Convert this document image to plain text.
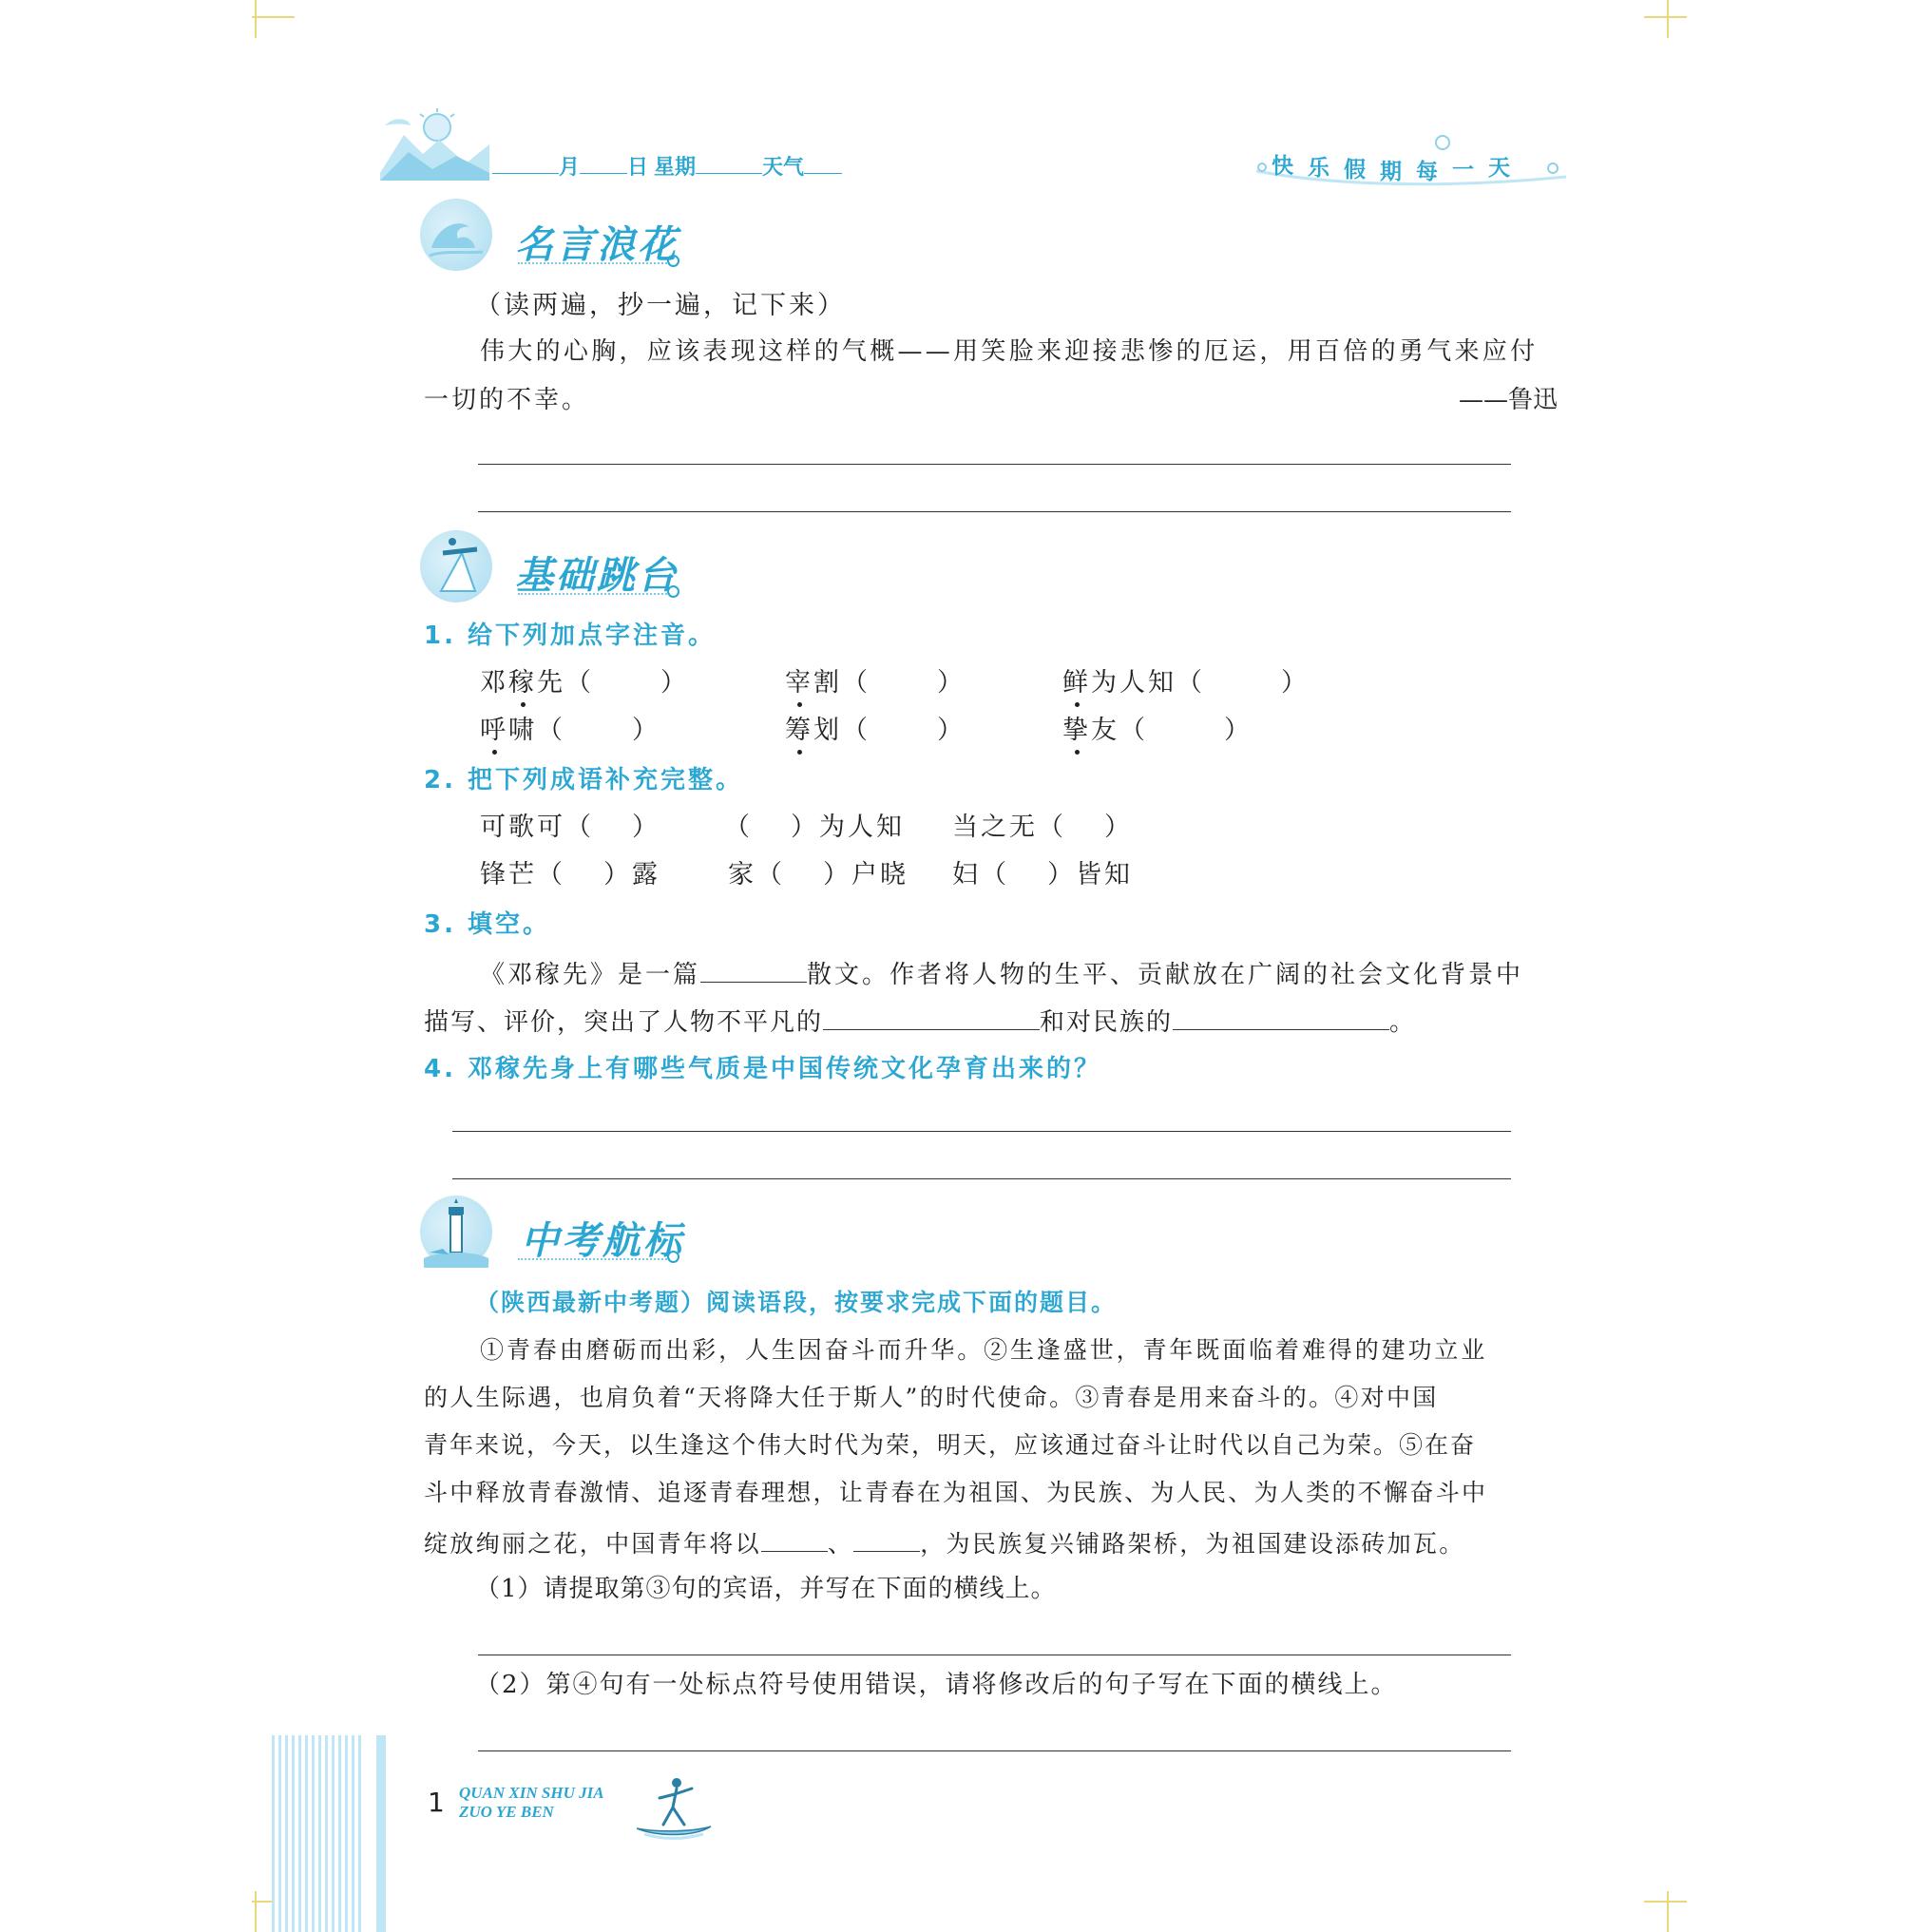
月 日 星期	天气	快 乐 假 期 每 一 天
名言浪花
（读两遍，抄一遍，记下来）
伟大的心胸，应该表现这样的气概——用笑脸来迎接悲惨的厄运，用百倍的勇气来应付
一切的不幸。	——鲁迅
基础跳台
1. 给下列加点字注音。
邓稼先（	）	宰割（	）	鲜为人知（	）
呼啸（	）	筹划（	）	挚友（	）
2. 把下列成语补充完整。
可歌可（ ） （ ）为人知 当之无（ ）
锋芒（ ）露	家（ ）户晓 妇（ ）皆知
3. 填空。
《邓稼先》是一篇	散文。作者将人物的生平、贡献放在广阔的社会文化背景中
描写、评价，突出了人物不平凡的	和对民族的	。
4. 邓稼先身上有哪些气质是中国传统文化孕育出来的？
中考航标
（陕西最新中考题）阅读语段，按要求完成下面的题目。
①青春由磨砺而出彩，人生因奋斗而升华。②生逢盛世，青年既面临着难得的建功立业
的人生际遇，也肩负着“天将降大任于斯人”的时代使命。③青春是用来奋斗的。④对中国
青年来说，今天，以生逢这个伟大时代为荣，明天，应该通过奋斗让时代以自己为荣。⑤在奋
斗中释放青春激情、追逐青春理想，让青春在为祖国、为民族、为人民、为人类的不懈奋斗中
绽放绚丽之花，中国青年将以	、	，为民族复兴铺路架桥，为祖国建设添砖加瓦。
（1）请提取第③句的宾语，并写在下面的横线上。
（2）第④句有一处标点符号使用错误，请将修改后的句子写在下面的横线上。
1 QUAN XIN SHU JIA
ZUO YE BEN
